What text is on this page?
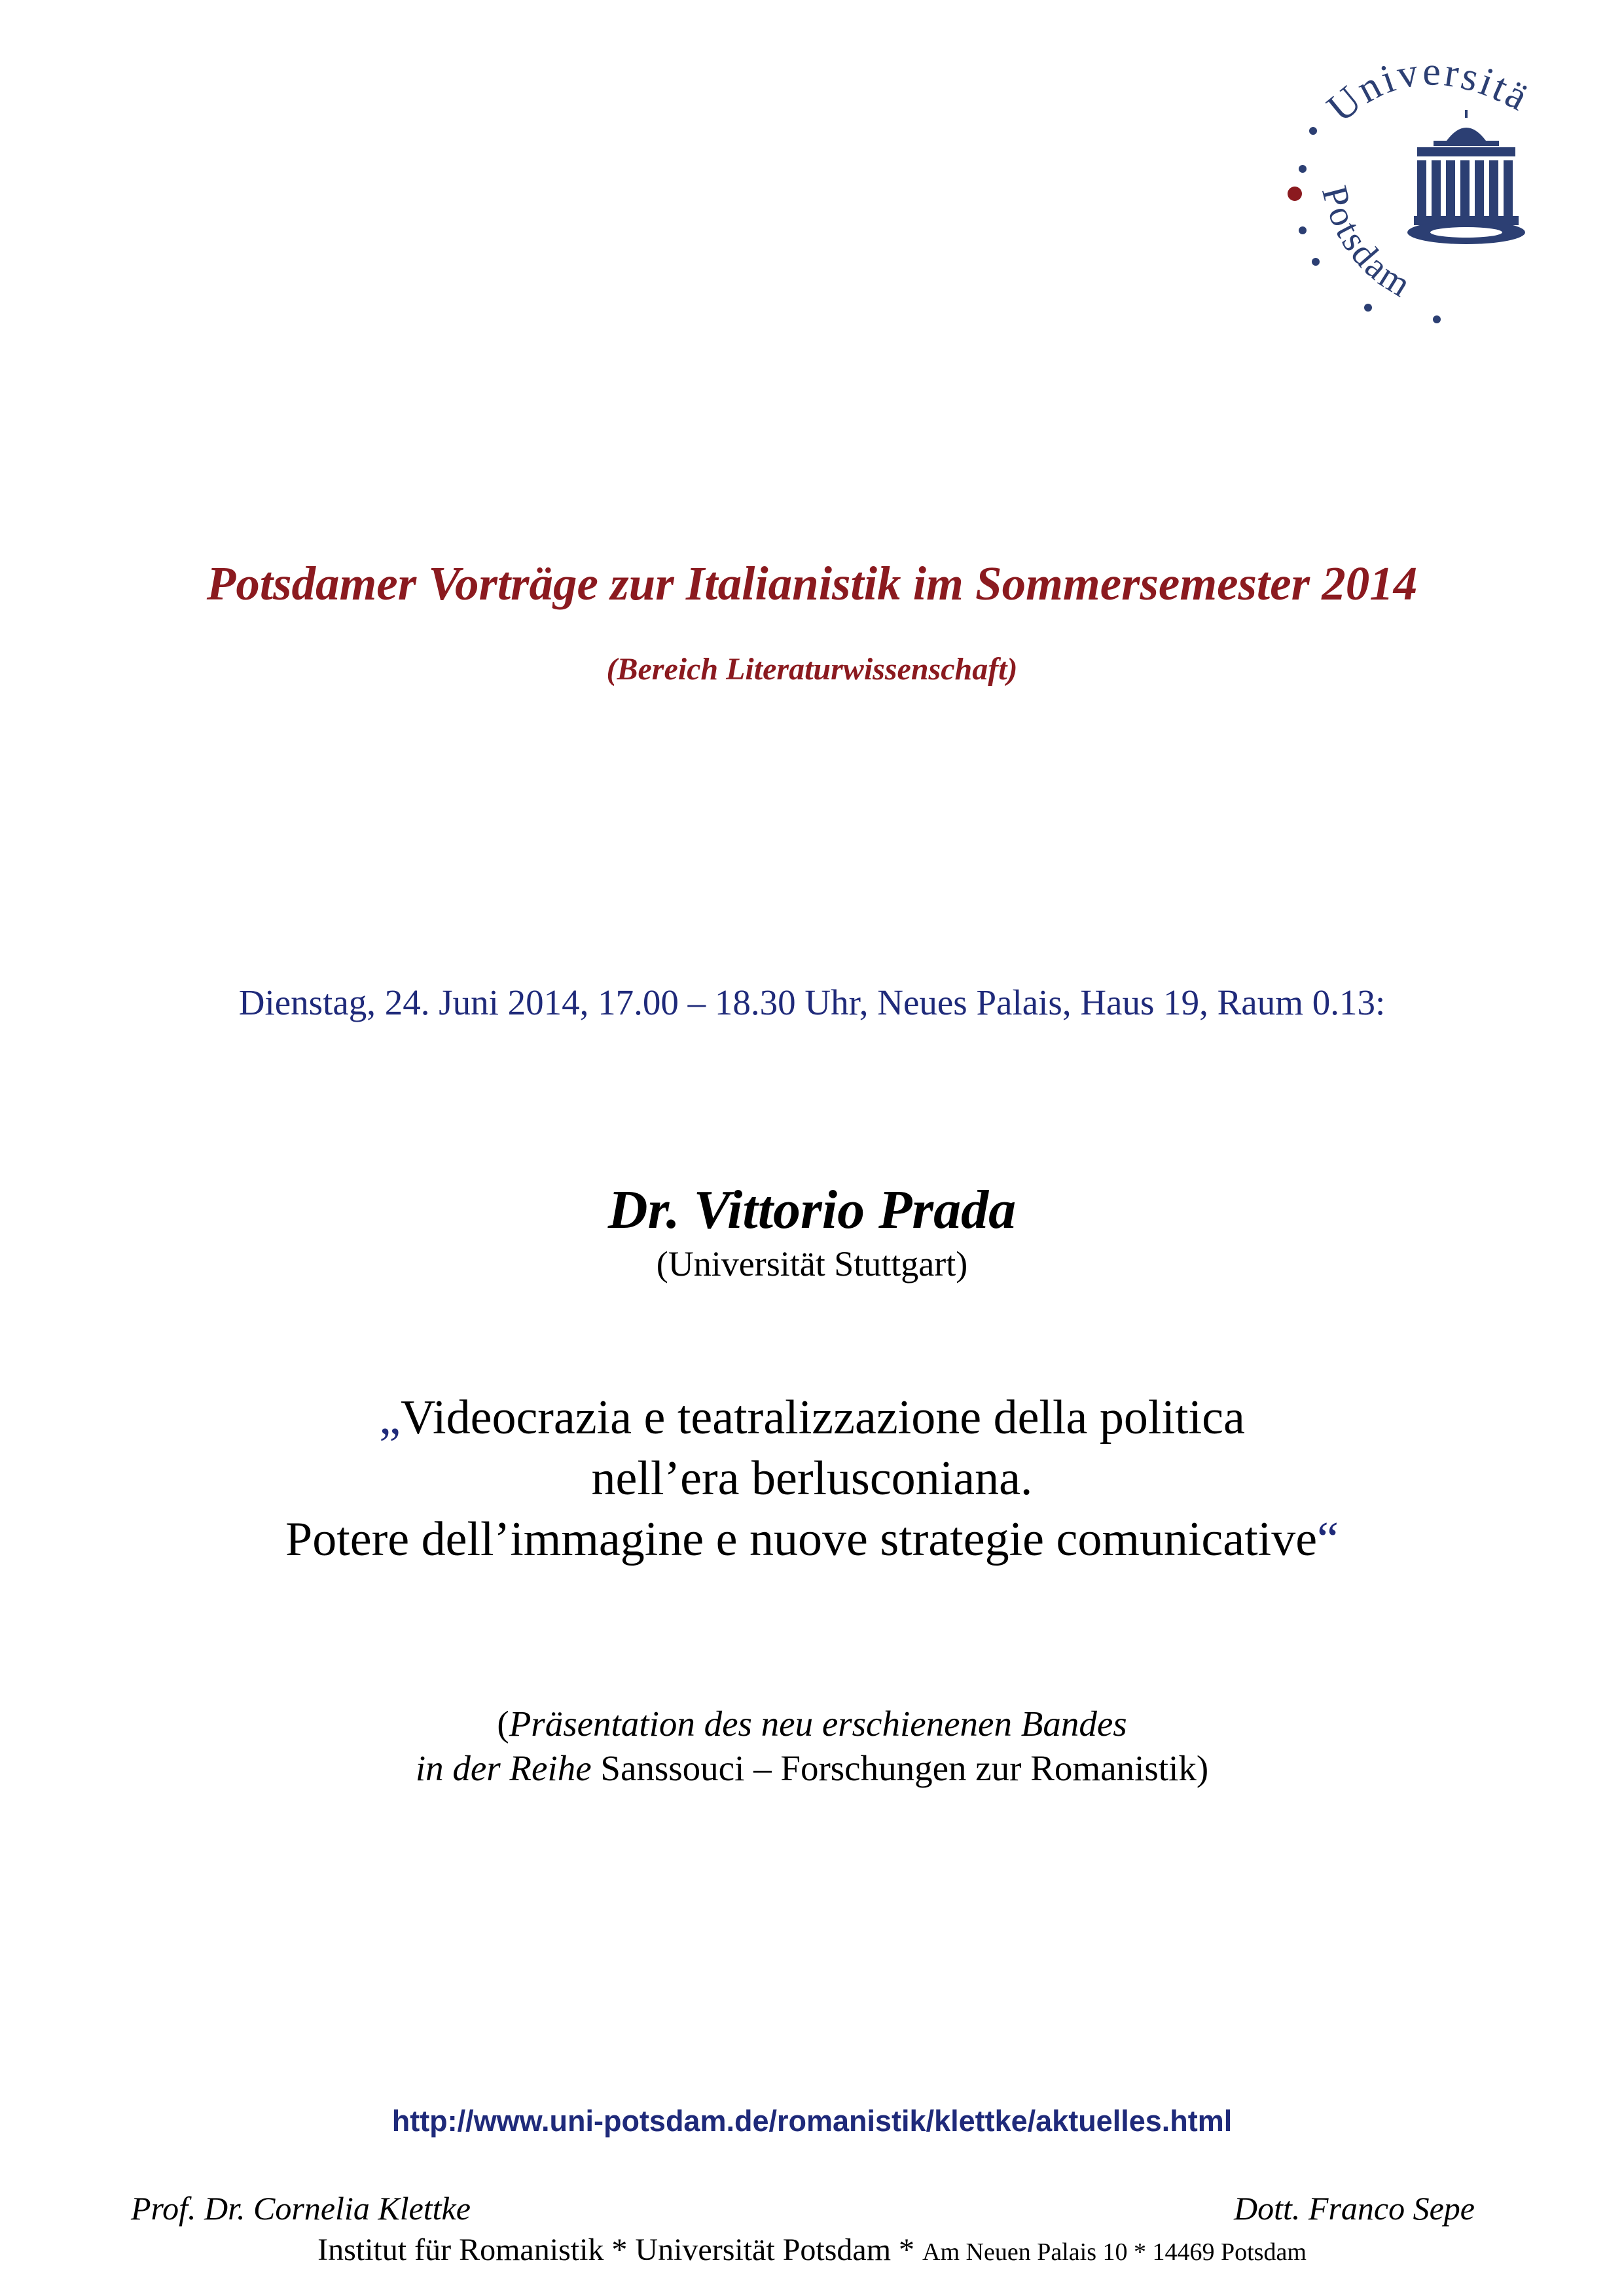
Universitä
Potsdam
Potsdamer Vorträge zur Italianistik im Sommersemester 2014
(Bereich Literaturwissenschaft)
Dienstag, 24. Juni 2014, 17.00 – 18.30 Uhr, Neues Palais, Haus 19, Raum 0.13:
Dr. Vittorio Prada
(Universität Stuttgart)
„Videocrazia e teatralizzazione della politica
nell’era berlusconiana.
Potere dell’immagine e nuove strategie comunicative“
(Präsentation des neu erschienenen Bandes
in der Reihe Sanssouci – Forschungen zur Romanistik)
http://www.uni-potsdam.de/romanistik/klettke/aktuelles.html
Prof. Dr. Cornelia Klettke	Dott. Franco Sepe
Institut für Romanistik * Universität Potsdam * Am Neuen Palais 10 * 14469 Potsdam
